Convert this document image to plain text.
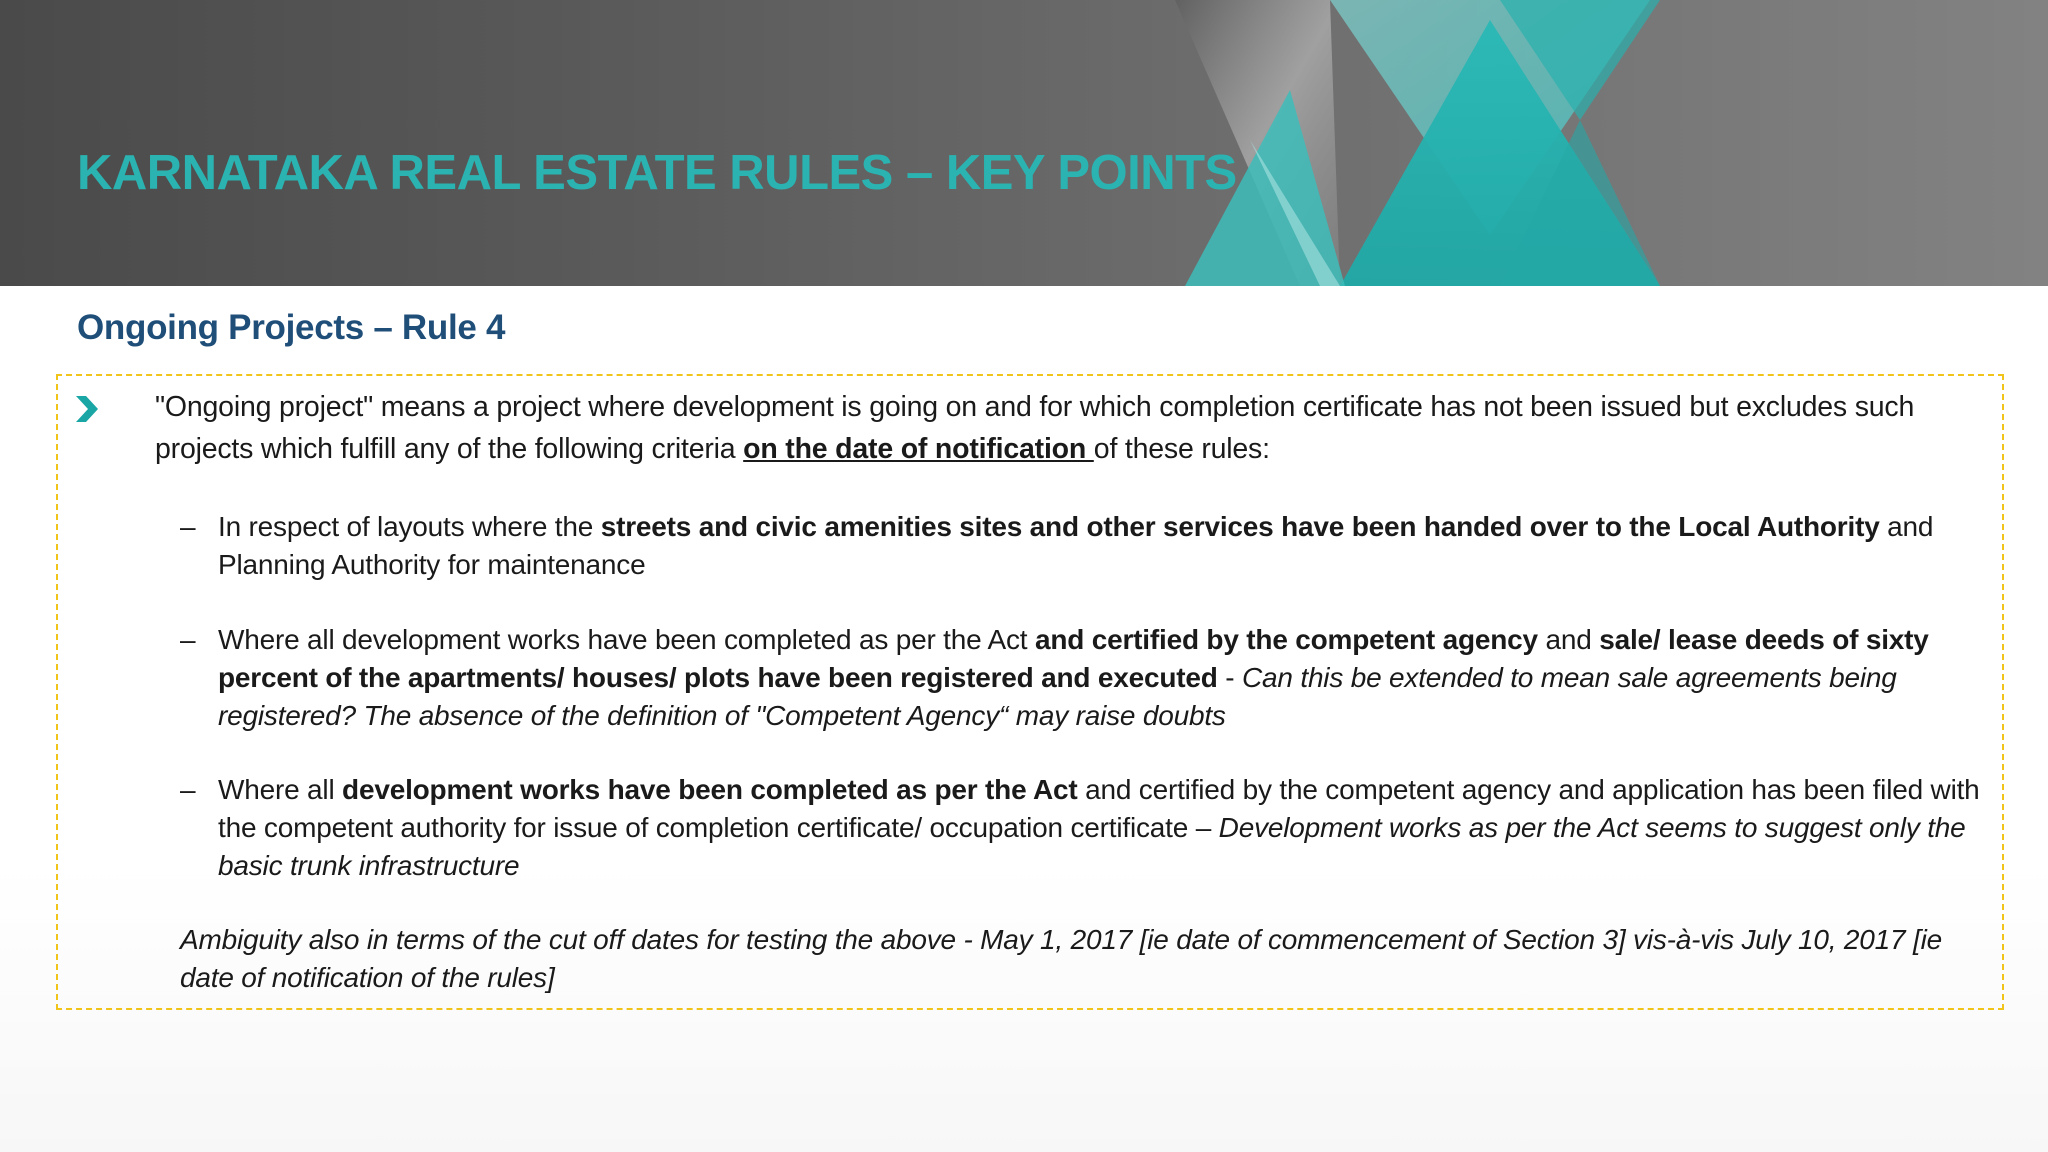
KARNATAKA REAL ESTATE RULES – KEY POINTS
Ongoing Projects – Rule 4

"Ongoing project" means a project where development is going on and for which completion certificate has not been issued but excludes such projects which fulfill any of the following criteria on the date of notification of these rules:

– In respect of layouts where the streets and civic amenities sites and other services have been handed over to the Local Authority and Planning Authority for maintenance
– Where all development works have been completed as per the Act and certified by the competent agency and sale/ lease deeds of sixty percent of the apartments/ houses/ plots have been registered and executed - Can this be extended to mean sale agreements being registered? The absence of the definition of "Competent Agency“ may raise doubts
– Where all development works have been completed as per the Act and certified by the competent agency and application has been filed with the competent authority for issue of completion certificate/ occupation certificate – Development works as per the Act seems to suggest only the basic trunk infrastructure

Ambiguity also in terms of the cut off dates for testing the above - May 1, 2017 [ie date of commencement of Section 3] vis-à-vis July 10, 2017 [ie date of notification of the rules]
